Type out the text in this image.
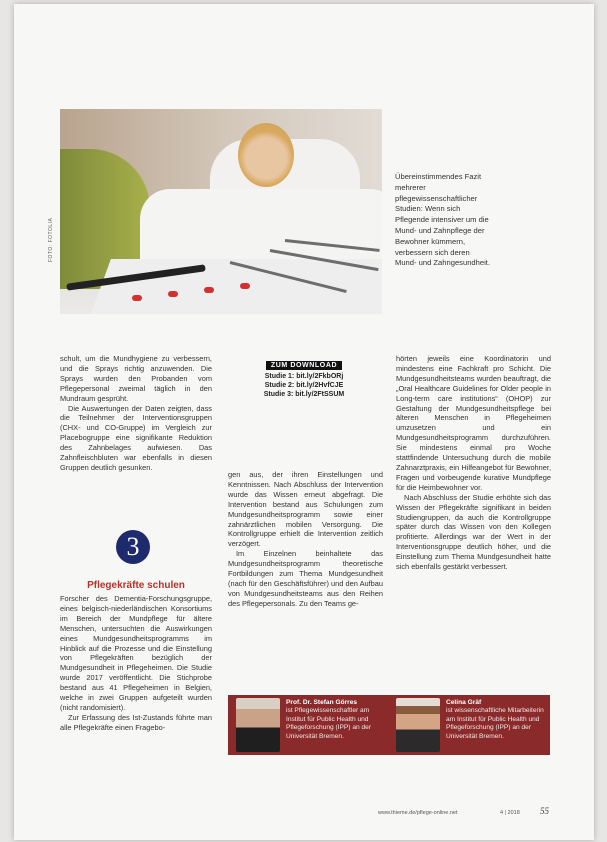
FOTO: FOTOLIA
Übereinstimmendes Fazit mehrerer pflegewissenschaftlicher Studien: Wenn sich Pflegende intensiver um die Mund- und Zahnpflege der Bewohner kümmern, verbessern sich deren Mund- und Zahngesundheit.

schult, um die Mundhygiene zu verbessern, und die Sprays richtig anzuwenden. Die Sprays wurden den Probanden vom Pflegepersonal zweimal täglich in den Mundraum gesprüht.

Die Auswertungen der Daten zeigten, dass die Teilnehmer der Interventionsgruppen (CHX- und CO-Gruppe) im Vergleich zur Placebogruppe eine signifikante Reduktion des Zahnbelages aufwiesen. Das Zahnfleischbluten war ebenfalls in diesen Gruppen deutlich gesunken.

ZUM DOWNLOAD
Studie 1: bit.ly/2FkbORj
Studie 2: bit.ly/2HvfCJE
Studie 3: bit.ly/2FtSSUM
3
Pflegekräfte schulen

Forscher des Dementia-Forschungsgruppe, eines belgisch-niederländischen Konsortiums im Bereich der Mundpflege für ältere Menschen, untersuchten die Auswirkungen eines Mundgesundheitsprogramms im Hinblick auf die Prozesse und die Einstellung von Pflegekräften bezüglich der Mundgesundheit in Pflegeheimen. Die Studie wurde 2017 veröffentlicht. Die Stichprobe bestand aus 41 Pflegeheimen in Belgien, welche in zwei Gruppen aufgeteilt wurden (nicht randomisiert).

Zur Erfassung des Ist-Zustands führte man alle Pflegekräfte einen Fragebo-

gen aus, der ihren Einstellungen und Kenntnissen. Nach Abschluss der Intervention wurde das Wissen erneut abgefragt. Die Intervention bestand aus Schulungen zum Mundgesundheitsprogramm sowie einer zahnärztlichen mobilen Versorgung. Die Kontrollgruppe erhielt die Intervention zeitlich verzögert.

Im Einzelnen beinhaltete das Mundgesundheitsprogramm theoretische Fortbildungen zum Thema Mundgesundheit (nach für den Geschäftsführer) und den Aufbau von Mundgesundheitsteams aus den Reihen des Pflegepersonals. Zu den Teams ge-

hörten jeweils eine Koordinatorin und mindestens eine Fachkraft pro Schicht. Die Mundgesundheitsteams wurden beauftragt, die „Oral Healthcare Guidelines for Older people in Long-term care institutions“ (OHOP) zur Gestaltung der Mundgesundheitspflege bei älteren Menschen in Pflegeheimen umzusetzen und ein Mundgesundheitsprogramm durchzuführen. Sie mindestens einmal pro Woche stattfindende Untersuchung durch die mobile Zahnarztpraxis, ein Hilfeangebot für Bewohner, Fragen und vorbeugende kurative Mundpflege für die Heimbewohner vor.

Nach Abschluss der Studie erhöhte sich das Wissen der Pflegekräfte signifikant in beiden Studiengruppen, da auch die Kontrollgruppe später durch das Wissen von den Kollegen profitierte. Allerdings war der Wert in der Interventionsgruppe deutlich höher, und die Einstellung zum Thema Mundgesundheit hatte sich ebenfalls gestärkt verbessert.

Prof. Dr. Stefan Görres
ist Pflegewissenschaftler am Institut für Public Health und Pflegeforschung (IPP) an der Universität Bremen.
Celina Gräf
ist wissenschaftliche Mitarbeiterin am Institut für Public Health und Pflegeforschung (IPP) an der Universität Bremen.
www.thieme.de/pflege-online.net	4 | 2018 55
